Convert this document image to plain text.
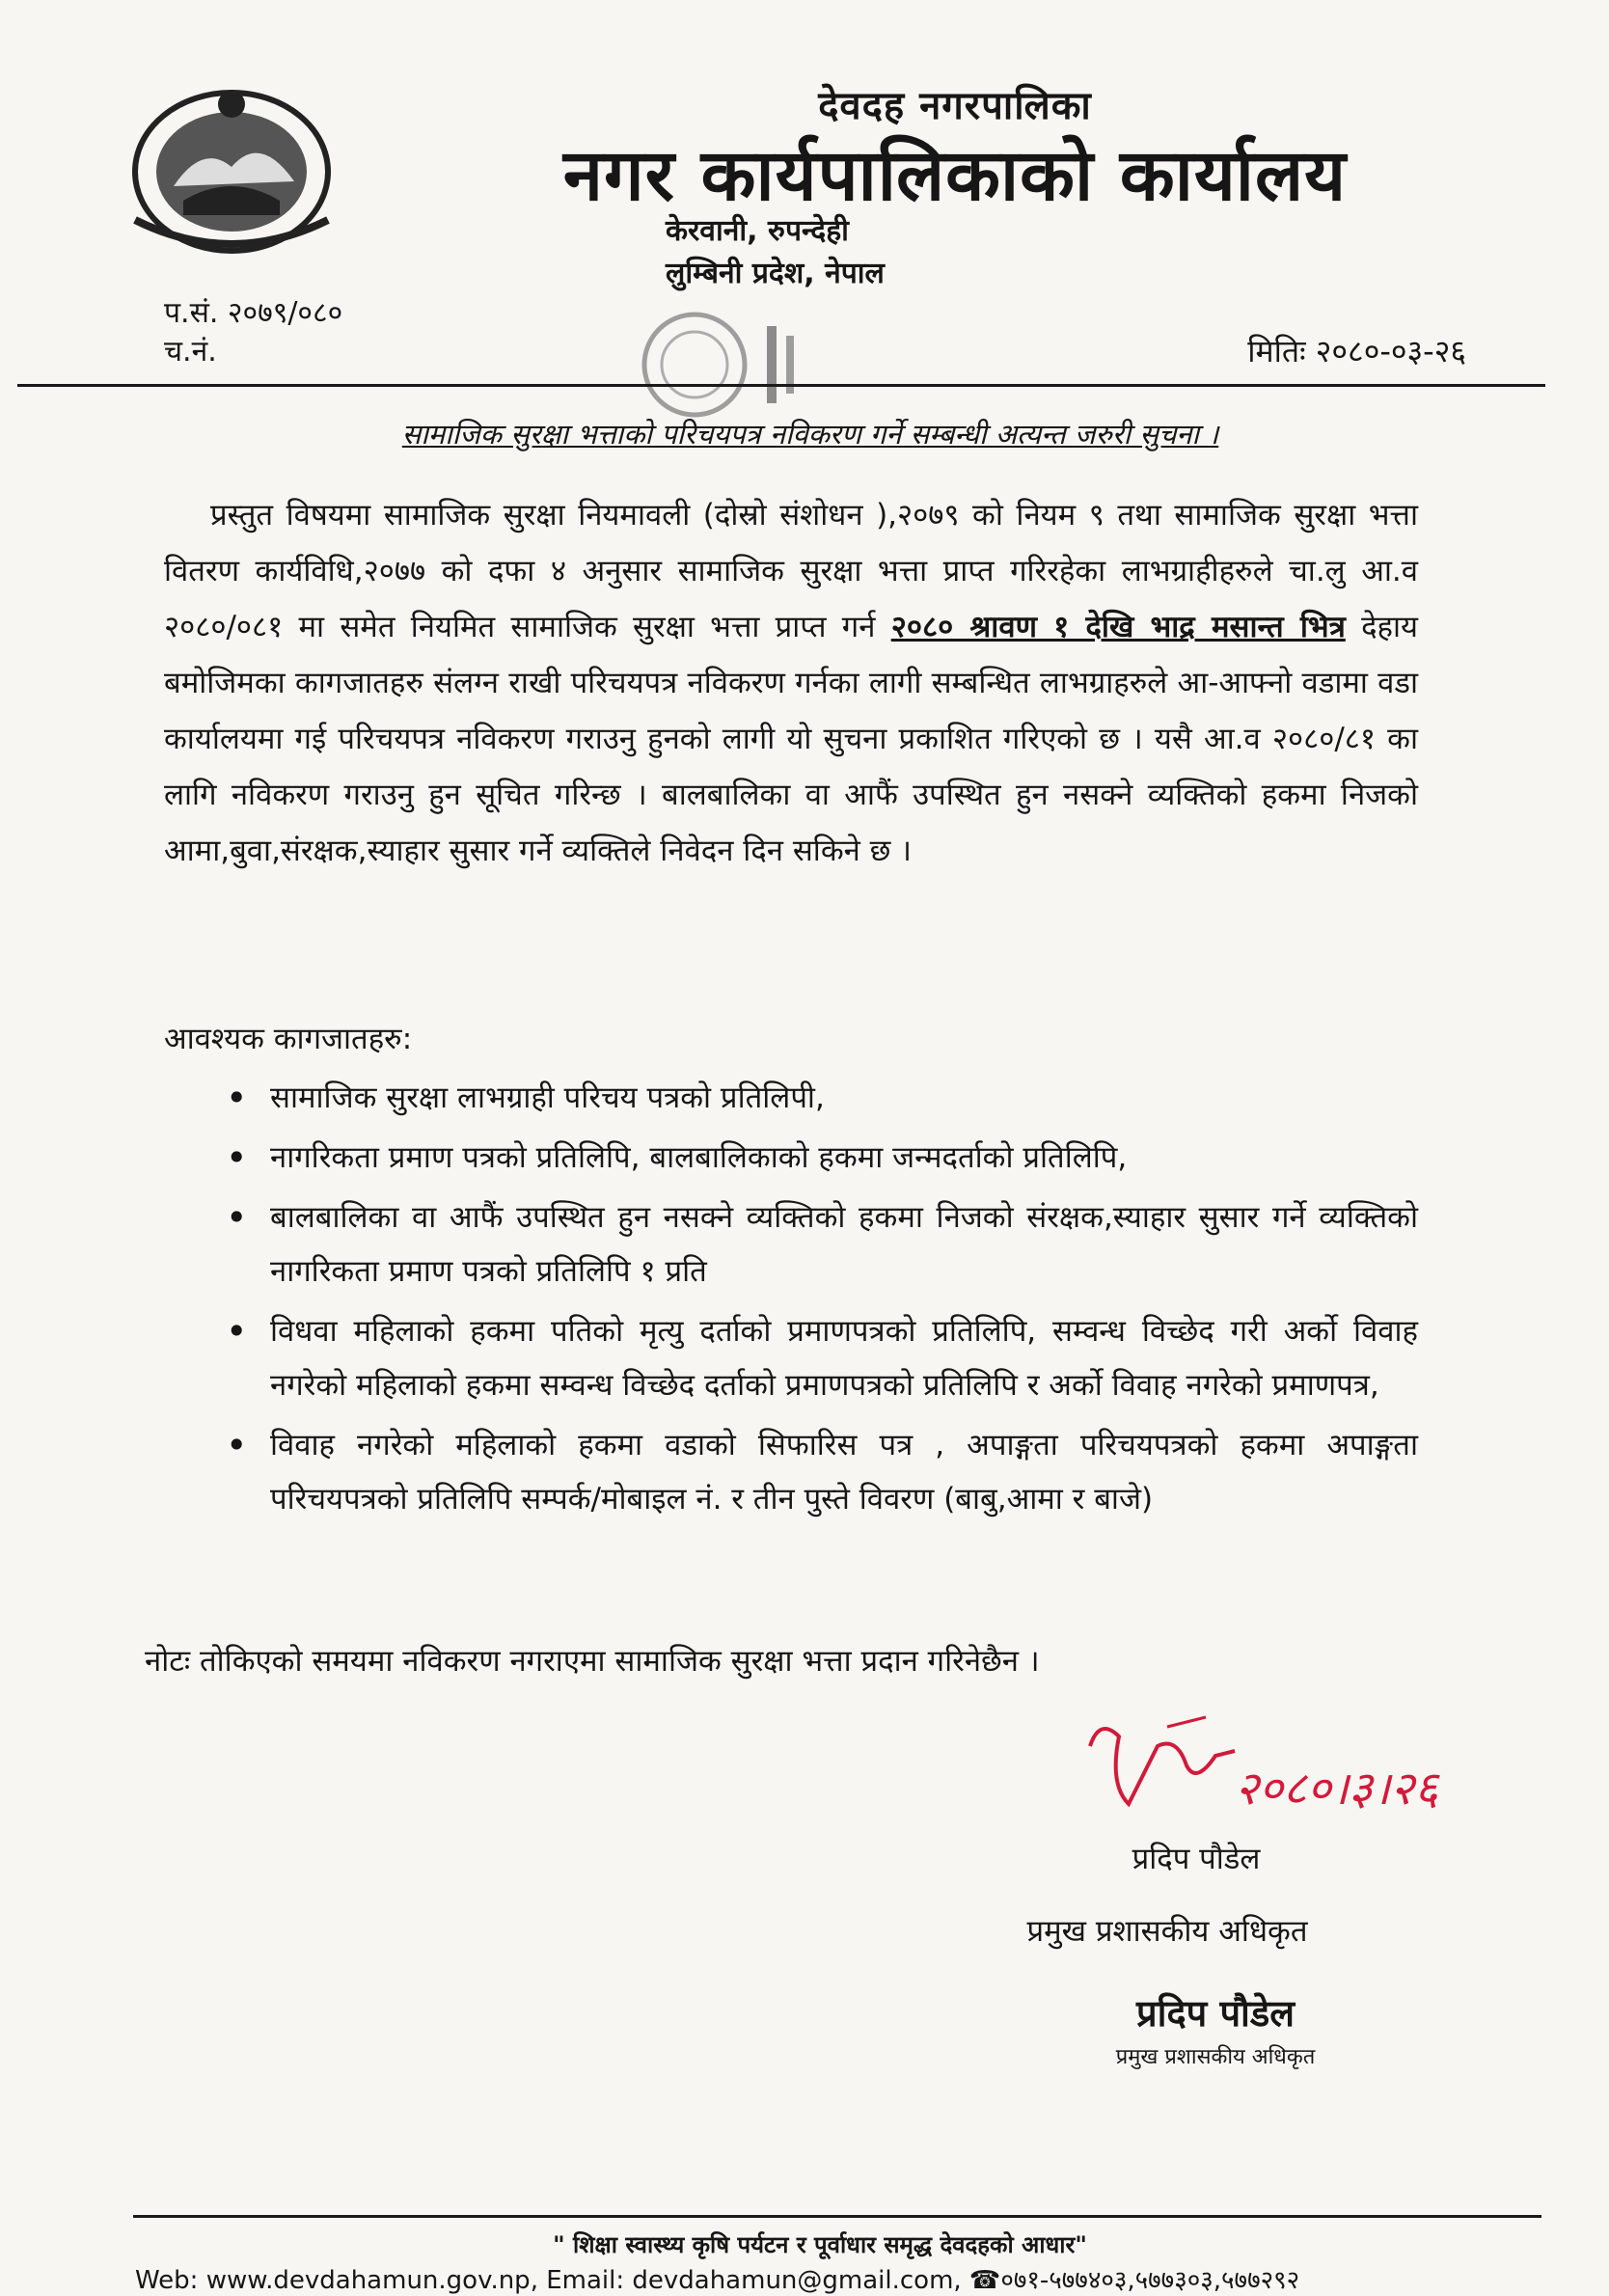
देवदह नगरपालिका
नगर कार्यपालिकाको कार्यालय
केरवानी, रुपन्देही
लुम्बिनी प्रदेश, नेपाल
प.सं. २०७९/०८०
च.नं.	मितिः २०८०-०३-२६
सामाजिक सुरक्षा भत्ताको परिचयपत्र नविकरण गर्ने सम्बन्धी अत्यन्त जरुरी सुचना ।

प्रस्तुत विषयमा सामाजिक सुरक्षा नियमावली (दोस्रो संशोधन ),२०७९ को नियम ९ तथा सामाजिक सुरक्षा भत्ता वितरण कार्यविधि,२०७७ को दफा ४ अनुसार सामाजिक सुरक्षा भत्ता प्राप्त गरिरहेका लाभग्राहीहरुले चा.लु आ.व २०८०/०८१ मा समेत नियमित सामाजिक सुरक्षा भत्ता प्राप्त गर्न २०८० श्रावण १ देखि भाद्र मसान्त भित्र देहाय बमोजिमका कागजातहरु संलग्न राखी परिचयपत्र नविकरण गर्नका लागी सम्बन्धित लाभग्राहरुले आ-आफ्नो वडामा वडा कार्यालयमा गई परिचयपत्र नविकरण गराउनु हुनको लागी यो सुचना प्रकाशित गरिएको छ । यसै आ.व २०८०/८१ का लागि नविकरण गराउनु हुन सूचित गरिन्छ । बालबालिका वा आफैं उपस्थित हुन नसक्ने व्यक्तिको हकमा निजको आमा,बुवा,संरक्षक,स्याहार सुसार गर्ने व्यक्तिले निवेदन दिन सकिने छ ।

आवश्यक कागजातहरु:
• सामाजिक सुरक्षा लाभग्राही परिचय पत्रको प्रतिलिपी,
• नागरिकता प्रमाण पत्रको प्रतिलिपि, बालबालिकाको हकमा जन्मदर्ताको प्रतिलिपि,
• बालबालिका वा आफैं उपस्थित हुन नसक्ने व्यक्तिको हकमा निजको संरक्षक,स्याहार सुसार गर्ने व्यक्तिको नागरिकता प्रमाण पत्रको प्रतिलिपि १ प्रति
• विधवा महिलाको हकमा पतिको मृत्यु दर्ताको प्रमाणपत्रको प्रतिलिपि, सम्वन्ध विच्छेद गरी अर्को विवाह नगरेको महिलाको हकमा सम्वन्ध विच्छेद दर्ताको प्रमाणपत्रको प्रतिलिपि र अर्को विवाह नगरेको प्रमाणपत्र,
• विवाह नगरेको महिलाको हकमा वडाको सिफारिस पत्र , अपाङ्गता परिचयपत्रको हकमा अपाङ्गता परिचयपत्रको प्रतिलिपि सम्पर्क/मोबाइल नं. र तीन पुस्ते विवरण (बाबु,आमा र बाजे)
नोटः तोकिएको समयमा नविकरण नगराएमा सामाजिक सुरक्षा भत्ता प्रदान गरिनेछैन ।
२०८०।३।२६
प्रदिप पौडेल
प्रमुख प्रशासकीय अधिकृत
प्रदिप पौडेल
प्रमुख प्रशासकीय अधिकृत
" शिक्षा स्वास्थ्य कृषि पर्यटन र पूर्वाधार समृद्ध देवदहको आधार"
Web: www.devdahamun.gov.np, Email: devdahamun@gmail.com, ☎०७१-५७७४०३,५७७३०३,५७७२९२
